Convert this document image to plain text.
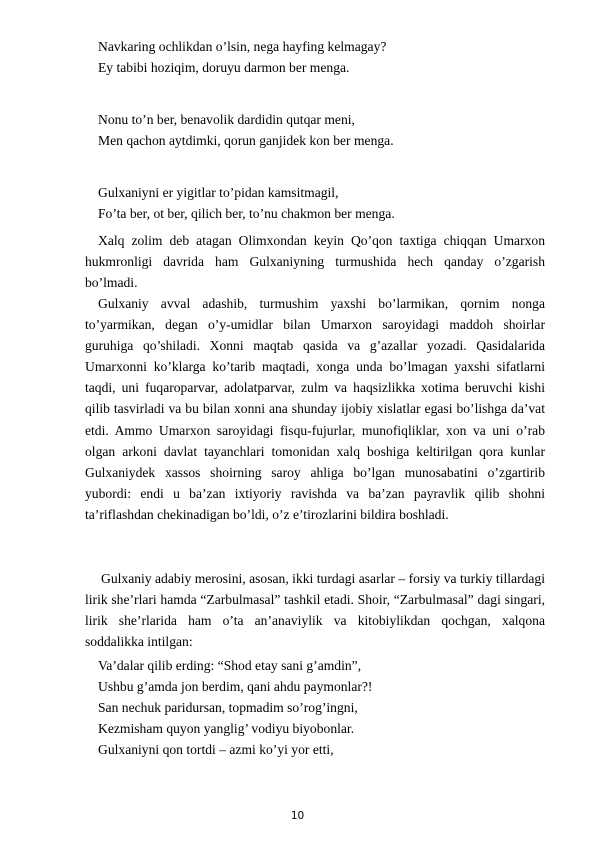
Navkaring ochlikdan o’lsin, nega hayfing kelmagay?
Ey tabibi hoziqim, doruyu darmon ber menga.
Nonu to’n ber, benavolik dardidin qutqar meni,
Men qachon aytdimki, qorun ganjidek kon ber menga.
Gulxaniyni er yigitlar to’pidan kamsitmagil,
Fo’ta ber, ot ber, qilich ber, to’nu chakmon ber menga.

Xalq zolim deb atagan Olimxondan keyin Qo’qon taxtiga chiqqan Umarxon hukmronligi davrida ham Gulxaniyning turmushida hech qanday o’zgarish bo’lmadi.

Gulxaniy avval adashib, turmushim yaxshi bo’larmikan, qornim nonga to’yarmikan, degan o’y-umidlar bilan Umarxon saroyidagi maddoh shoirlar guruhiga qo’shiladi. Xonni maqtab qasida va g’azallar yozadi. Qasidalarida Umarxonni ko’klarga ko’tarib maqtadi, xonga unda bo’lmagan yaxshi sifatlarni taqdi, uni fuqaroparvar, adolatparvar, zulm va haqsizlikka xotima beruvchi kishi qilib tasvirladi va bu bilan xonni ana shunday ijobiy xislatlar egasi bo’lishga da’vat etdi. Ammo Umarxon saroyidagi fisqu-fujurlar, munofiqliklar, xon va uni o’rab olgan arkoni davlat tayanchlari tomonidan xalq boshiga keltirilgan qora kunlar Gulxaniydek xassos shoirning saroy ahliga bo’lgan munosabatini o’zgartirib yubordi: endi u ba’zan ixtiyoriy ravishda va ba’zan payravlik qilib shohni ta’riflashdan chekinadigan bo’ldi, o’z e’tirozlarini bildira boshladi.

Gulxaniy adabiy merosini, asosan, ikki turdagi asarlar – forsiy va turkiy tillardagi lirik she’rlari hamda “Zarbulmasal” tashkil etadi. Shoir, “Zarbulmasal” dagi singari, lirik she’rlarida ham o’ta an’anaviylik va kitobiylikdan qochgan, xalqona soddalikka intilgan:

Va’dalar qilib erding: “Shod etay sani g’amdin”,
Ushbu g’amda jon berdim, qani ahdu paymonlar?!
San nechuk paridursan, topmadim so’rog’ingni,
Kezmisham quyon yanglig’ vodiyu biyobonlar.
Gulxaniyni qon tortdi – azmi ko’yi yor etti,
10
